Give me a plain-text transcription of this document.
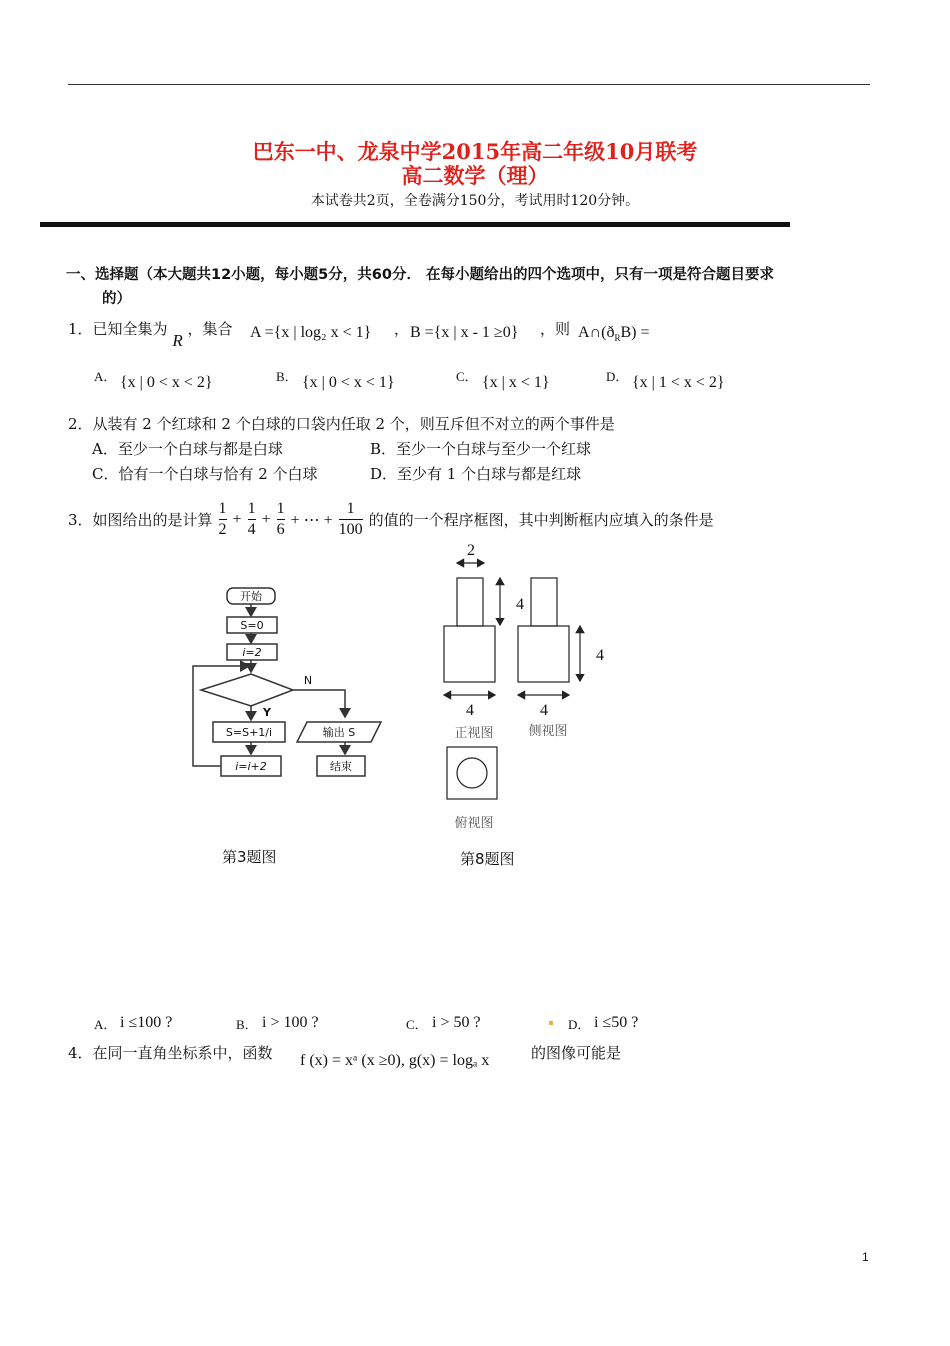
巴东一中、龙泉中学2015年高二年级10月联考
高二数学（理）
本试卷共2页，全卷满分150分，考试用时120分钟。
一、选择题（本大题共12小题，每小题5分，共60分． 在每小题给出的四个选项中，只有一项是符合题目要求
的）
1．已知全集为 R ，集合 A ={x | log₂ x < 1} ， B ={x | x - 1 ≥0} ，则 $A\cap(ð_RB)$ =
A． {x | 0 < x < 2}	B． {x | 0 < x < 1}	C． {x | x < 1}	D． {x | 1 < x < 2}
2．从装有 2 个红球和 2 个白球的口袋内任取 2 个，则互斥但不对立的两个事件是
A．至少一个白球与都是白球	B．至少一个白球与至少一个红球
C．恰有一个白球与恰有 2 个白球	D．至少有 1 个白球与都是红球
3．如图给出的是计算 $\frac{1}{2} + \frac{1}{4} + \frac{1}{6}$ + ⋯ + $\frac{1}{100}$ 的值的一个程序框图，其中判断框内应填入的条件是
开始
S=0
i=2
N
Y
S=S+1/i	输出 S
结束
i=i+2
第3题图
2
4
4
4	4
正视图	侧视图
俯视图
第8题图
A． i ≤100 ?	B． i > 100 ?	C． i > 50 ?	D． i ≤50 ?
4．在同一直角坐标系中，函数 f (x) = xᵃ (x ≥0), g(x) = logₐ x	的图像可能是
1
